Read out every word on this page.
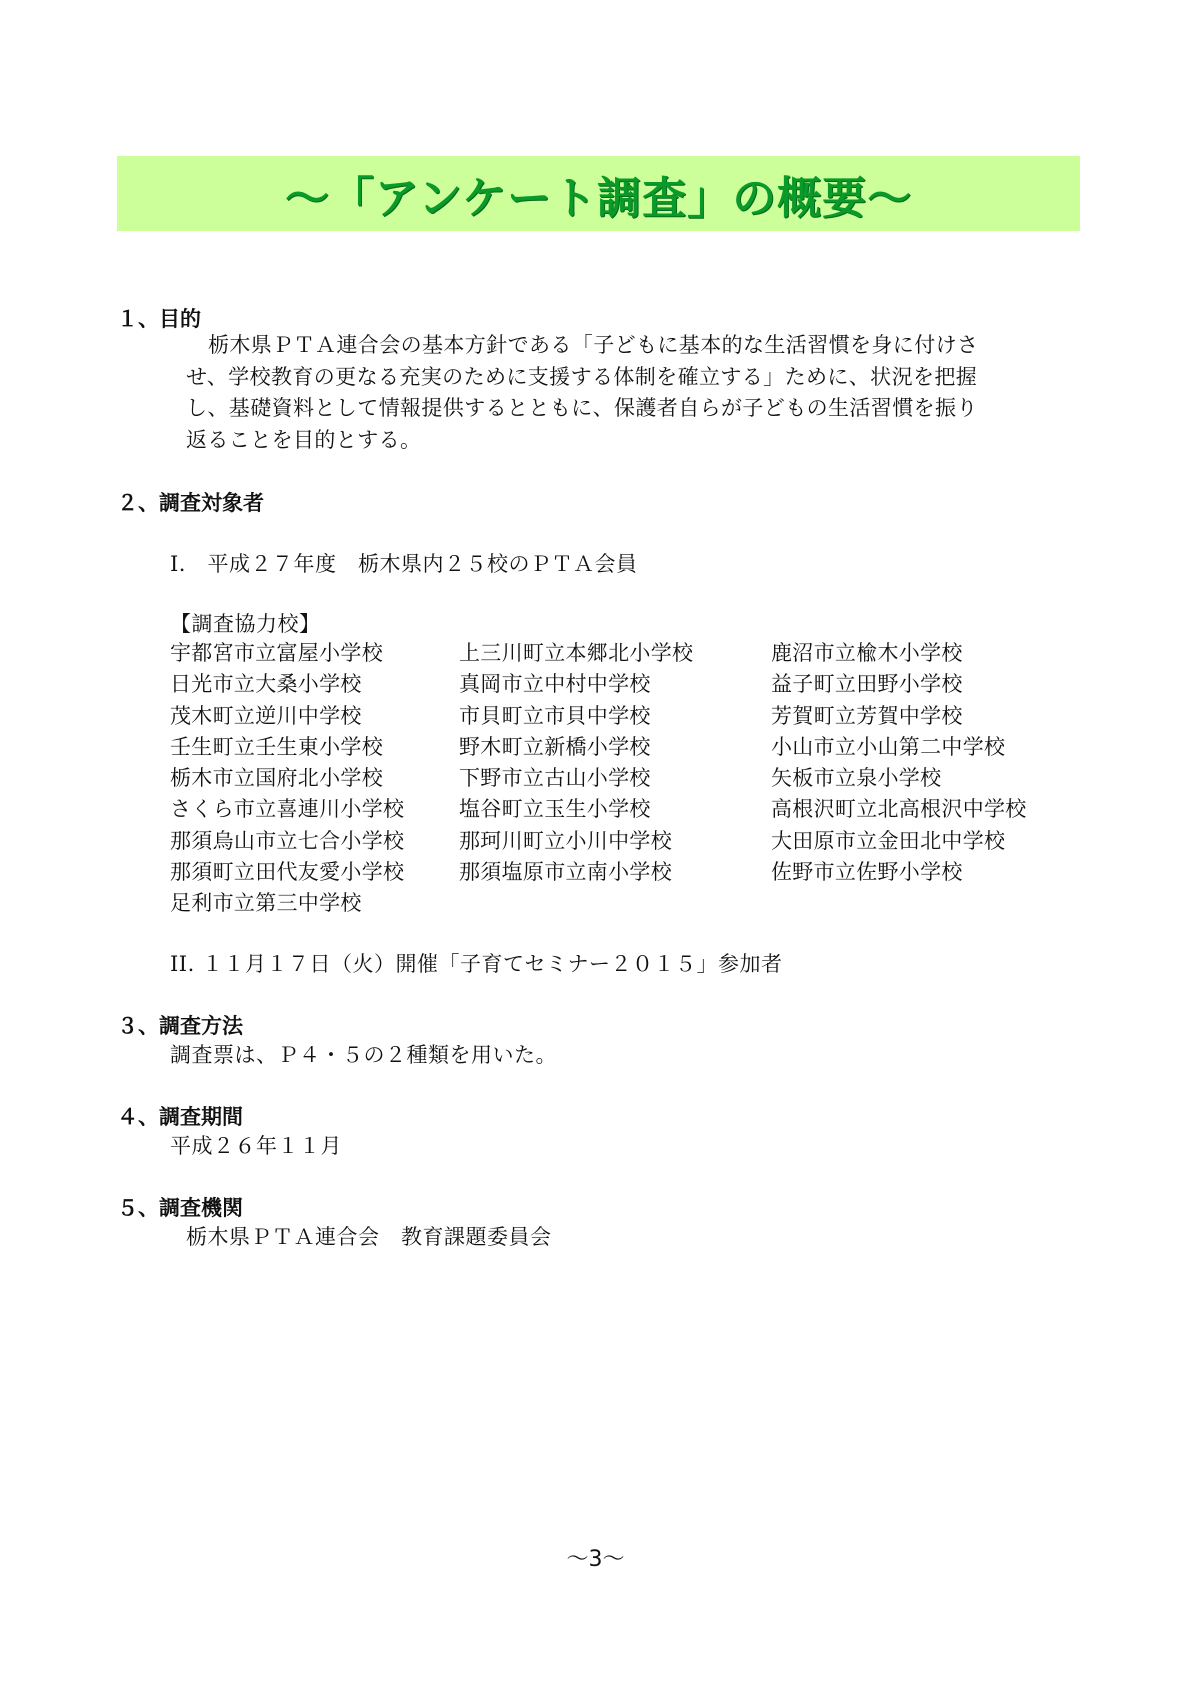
～「アンケート調査」の概要～
１、目的
栃木県ＰＴＡ連合会の基本方針である「子どもに基本的な生活習慣を身に付けさ
せ、学校教育の更なる充実のために支援する体制を確立する」ために、状況を把握
し、基礎資料として情報提供するとともに、保護者自らが子どもの生活習慣を振り
返ることを目的とする。
２、調査対象者

I.　平成２７年度　栃木県内２５校のＰＴＡ会員

【調査協力校】

宇都宮市立富屋小学校
日光市立大桑小学校
茂木町立逆川中学校
壬生町立壬生東小学校
栃木市立国府北小学校
さくら市立喜連川小学校
那須烏山市立七合小学校
那須町立田代友愛小学校
足利市立第三中学校
上三川町立本郷北小学校
真岡市立中村中学校
市貝町立市貝中学校
野木町立新橋小学校
下野市立古山小学校
塩谷町立玉生小学校
那珂川町立小川中学校
那須塩原市立南小学校
鹿沼市立楡木小学校
益子町立田野小学校
芳賀町立芳賀中学校
小山市立小山第二中学校
矢板市立泉小学校
高根沢町立北高根沢中学校
大田原市立金田北中学校
佐野市立佐野小学校

II. １１月１７日（火）開催「子育てセミナー２０１５」参加者

３、調査方法

調査票は、Ｐ４・５の２種類を用いた。

４、調査期間

平成２６年１１月

５、調査機関

栃木県ＰＴＡ連合会　教育課題委員会

～3～
